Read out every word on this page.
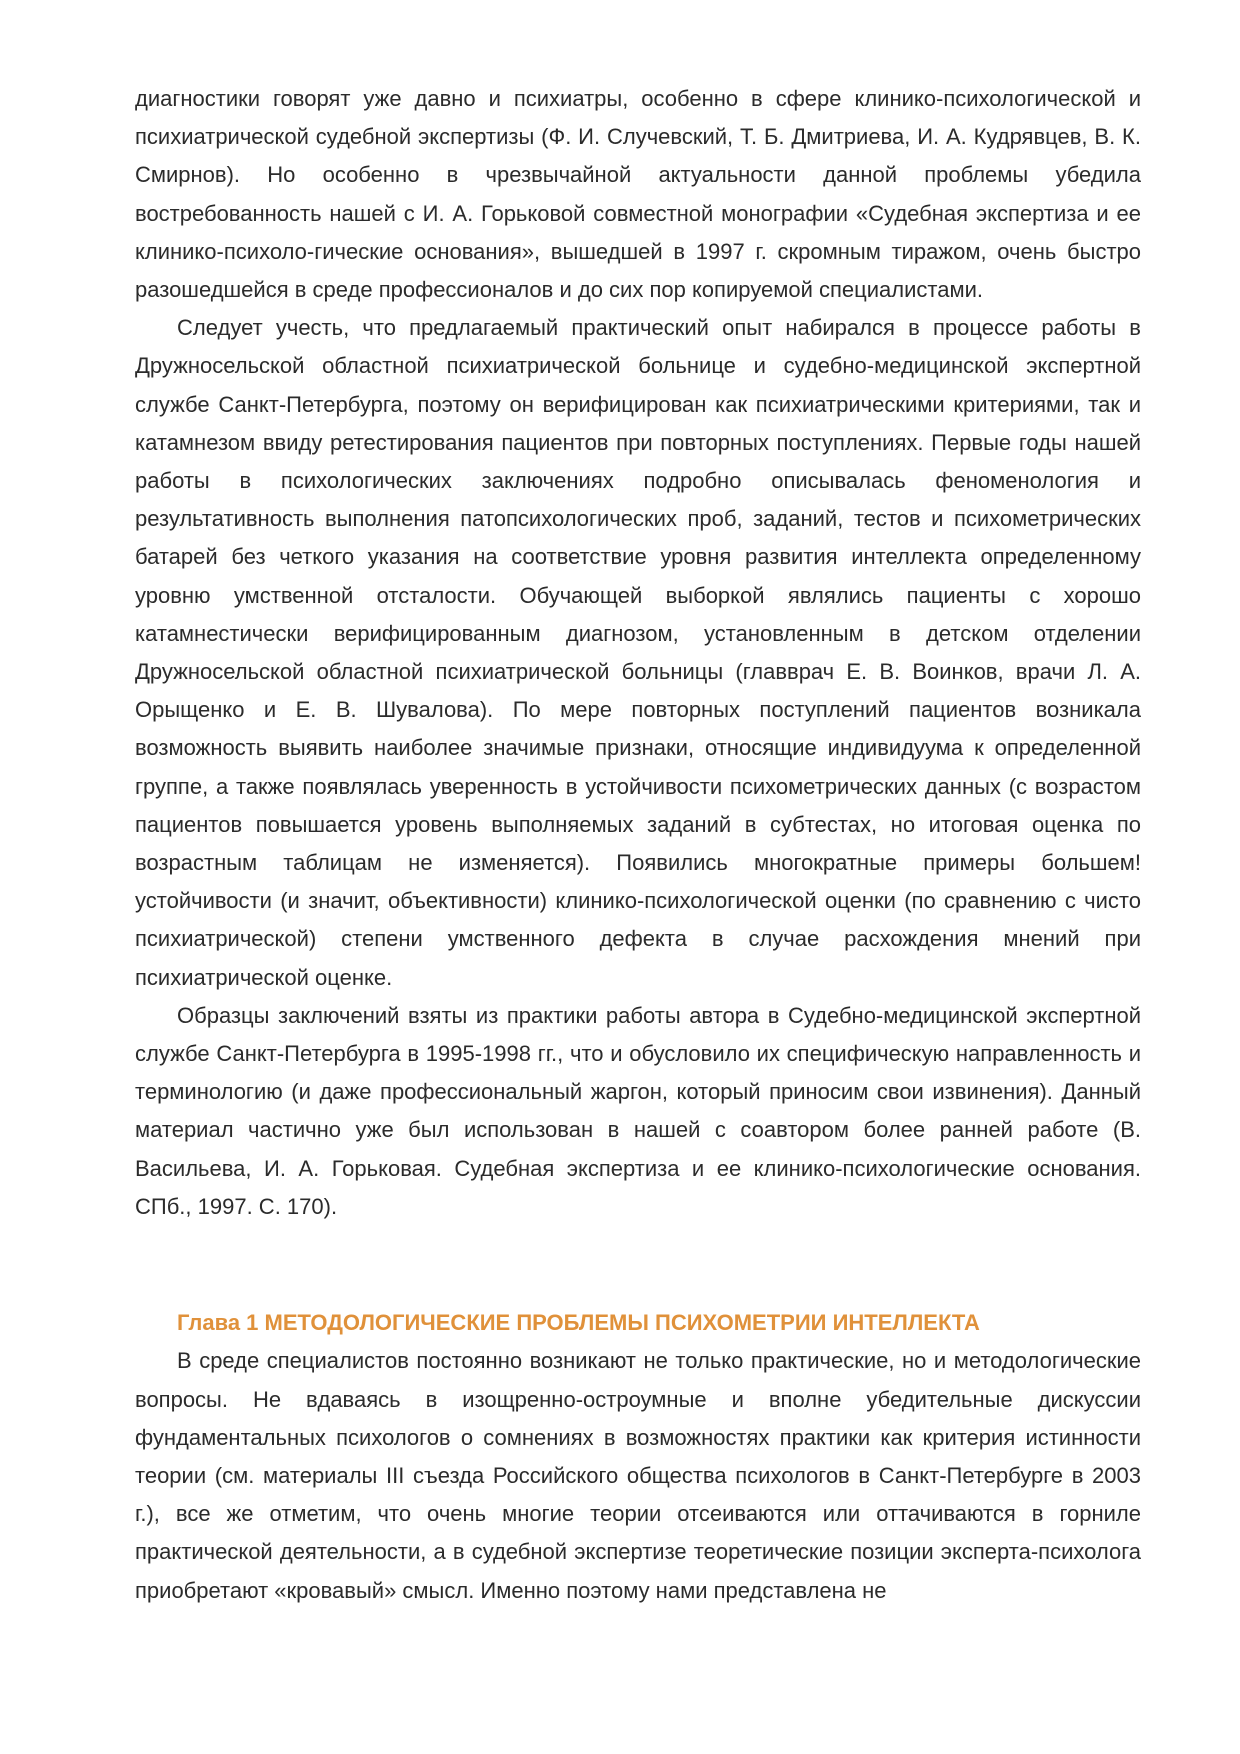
диагностики говорят уже давно и психиатры, особенно в сфере клинико-психологической и психиатрической судебной экспертизы (Ф. И. Случевский, Т. Б. Дмитриева, И. А. Кудрявцев, В. К. Смирнов). Но особенно в чрезвычайной актуальности данной проблемы убедила востребованность нашей с И. А. Горьковой совместной монографии «Судебная экспертиза и ее клинико-психоло-гические основания», вышедшей в 1997 г. скромным тиражом, очень быстро разошедшейся в среде профессионалов и до сих пор копируемой специалистами.

Следует учесть, что предлагаемый практический опыт набирался в процессе работы в Дружносельской областной психиатрической больнице и судебно-медицинской экспертной службе Санкт-Петербурга, поэтому он верифицирован как психиатрическими критериями, так и катамнезом ввиду ретестирования пациентов при повторных поступлениях. Первые годы нашей работы в психологических заключениях подробно описывалась феноменология и результативность выполнения патопсихологических проб, заданий, тестов и психометрических батарей без четкого указания на соответствие уровня развития интеллекта определенному уровню умственной отсталости. Обучающей выборкой являлись пациенты с хорошо катамнестически верифицированным диагнозом, установленным в детском отделении Дружносельской областной психиатрической больницы (главврач Е. В. Воинков, врачи Л. А. Орыщенко и Е. В. Шувалова). По мере повторных поступлений пациентов возникала возможность выявить наиболее значимые признаки, относящие индивидуума к определенной группе, а также появлялась уверенность в устойчивости психометрических данных (с возрастом пациентов повышается уровень выполняемых заданий в субтестах, но итоговая оценка по возрастным таблицам не изменяется). Появились многократные примеры большем! устойчивости (и значит, объективности) клинико-психологической оценки (по сравнению с чисто психиатрической) степени умственного дефекта в случае расхождения мнений при психиатрической оценке.

Образцы заключений взяты из практики работы автора в Судебно-медицинской экспертной службе Санкт-Петербурга в 1995-1998 гг., что и обусловило их специфическую направленность и терминологию (и даже профессиональный жаргон, который приносим свои извинения). Данный материал частично уже был использован в нашей с соавтором более ранней работе (В. Васильева, И. А. Горьковая. Судебная экспертиза и ее клинико-психологические основания. СПб., 1997. С. 170).

Глава 1 МЕТОДОЛОГИЧЕСКИЕ ПРОБЛЕМЫ ПСИХОМЕТРИИ ИНТЕЛЛЕКТА

В среде специалистов постоянно возникают не только практические, но и методологические вопросы. Не вдаваясь в изощренно-остроумные и вполне убедительные дискуссии фундаментальных психологов о сомнениях в возможностях практики как критерия истинности теории (см. материалы III съезда Российского общества психологов в Санкт-Петербурге в 2003 г.), все же отметим, что очень многие теории отсеиваются или оттачиваются в горниле практической деятельности, а в судебной экспертизе теоретические позиции эксперта-психолога приобретают «кровавый» смысл. Именно поэтому нами представлена не
